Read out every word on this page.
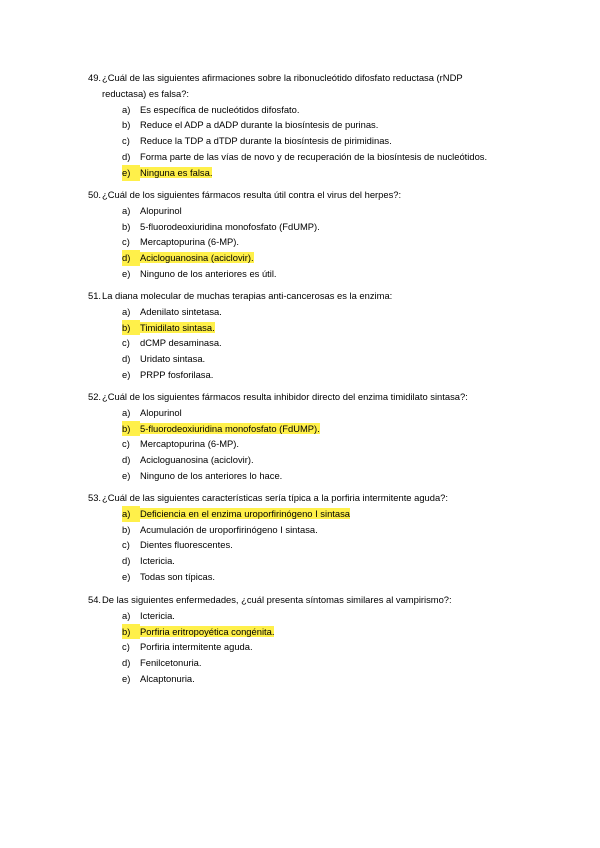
49. ¿Cuál de las siguientes afirmaciones sobre la ribonucleótido difosfato reductasa (rNDP
reductasa) es falsa?:
a)	Es específica de nucleótidos difosfato.
b)	Reduce el ADP a dADP durante la biosíntesis de purinas.
c)	Reduce la TDP a dTDP durante la biosíntesis de pirimidinas.
d)	Forma parte de las vías de novo y de recuperación de la biosíntesis de nucleótidos.
e)	Ninguna es falsa.
50. ¿Cuál de los siguientes fármacos resulta útil contra el virus del herpes?:
a)	Alopurinol
b)	5-fluorodeoxiuridina monofosfato (FdUMP).
c)	Mercaptopurina (6-MP).
d)	Acicloguanosina (aciclovir).
e)	Ninguno de los anteriores es útil.
51. La diana molecular de muchas terapias anti-cancerosas es la enzima:
a)	Adenilato sintetasa.
b)	Timidilato sintasa.
c)	dCMP desaminasa.
d)	Uridato sintasa.
e)	PRPP fosforilasa.
52. ¿Cuál de los siguientes fármacos resulta inhibidor directo del enzima timidilato sintasa?:
a)	Alopurinol
b)	5-fluorodeoxiuridina monofosfato (FdUMP).
c)	Mercaptopurina (6-MP).
d)	Acicloguanosina (aciclovir).
e)	Ninguno de los anteriores lo hace.
53. ¿Cuál de las siguientes características sería típica a la porfiria intermitente aguda?:
a)	Deficiencia en el enzima uroporfirinógeno I sintasa
b)	Acumulación de uroporfirinógeno I sintasa.
c)	Dientes fluorescentes.
d)	Ictericia.
e)	Todas son típicas.
54. De las siguientes enfermedades, ¿cuál presenta síntomas similares al vampirismo?:
a)	Ictericia.
b)	Porfiria eritropoyética congénita.
c)	Porfiria intermitente aguda.
d)	Fenilcetonuria.
e)	Alcaptonuria.
